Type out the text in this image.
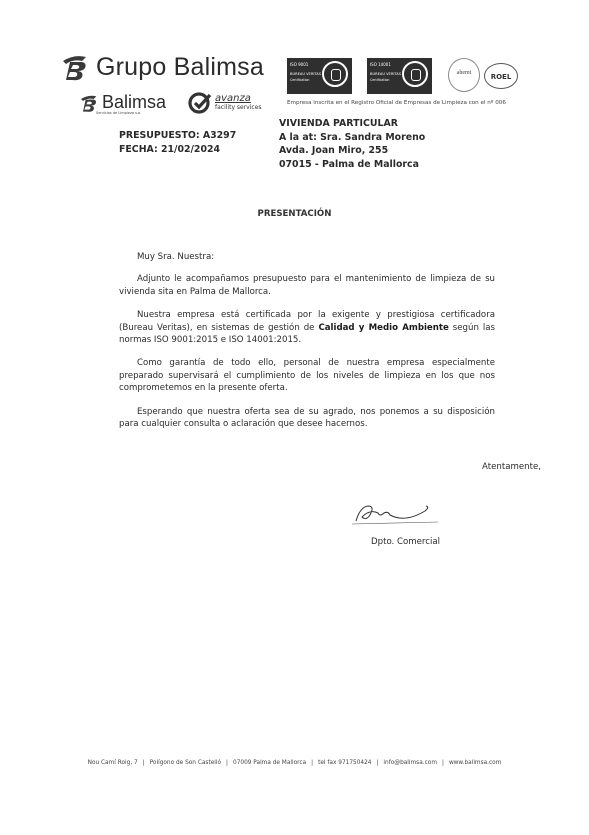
Grupo Balimsa
Balimsa
Servicios de Limpieza s.a.
avanza
facility services
ISO 9001
BUREAU VERITAS
Certification
ISO 14001
BUREAU VERITAS
Certification
ahemt	ROEL
Empresa inscrita en el Registro Oficial de Empresas de Limpieza con el nº 006
PRESUPUESTO: A3297
FECHA: 21/02/2024
VIVIENDA PARTICULAR
A la at: Sra. Sandra Moreno
Avda. Joan Miro, 255
07015 - Palma de Mallorca
PRESENTACIÓN

Muy Sra. Nuestra:

Adjunto le acompañamos presupuesto para el mantenimiento de limpieza de su vivienda sita en Palma de Mallorca.

Nuestra empresa está certificada por la exigente y prestigiosa certificadora (Bureau Veritas), en sistemas de gestión de Calidad y Medio Ambiente según las normas ISO 9001:2015 e ISO 14001:2015.

Como garantía de todo ello, personal de nuestra empresa especialmente preparado supervisará el cumplimiento de los niveles de limpieza en los que nos comprometemos en la presente oferta.

Esperando que nuestra oferta sea de su agrado, nos ponemos a su disposición para cualquier consulta o aclaración que desee hacernos.

Atentamente,
Dpto. Comercial
Nou Camí Roig, 7 | Polígono de Son Castelló | 07009 Palma de Mallorca | tel fax 971750424 | info@balimsa.com | www.balimsa.com
